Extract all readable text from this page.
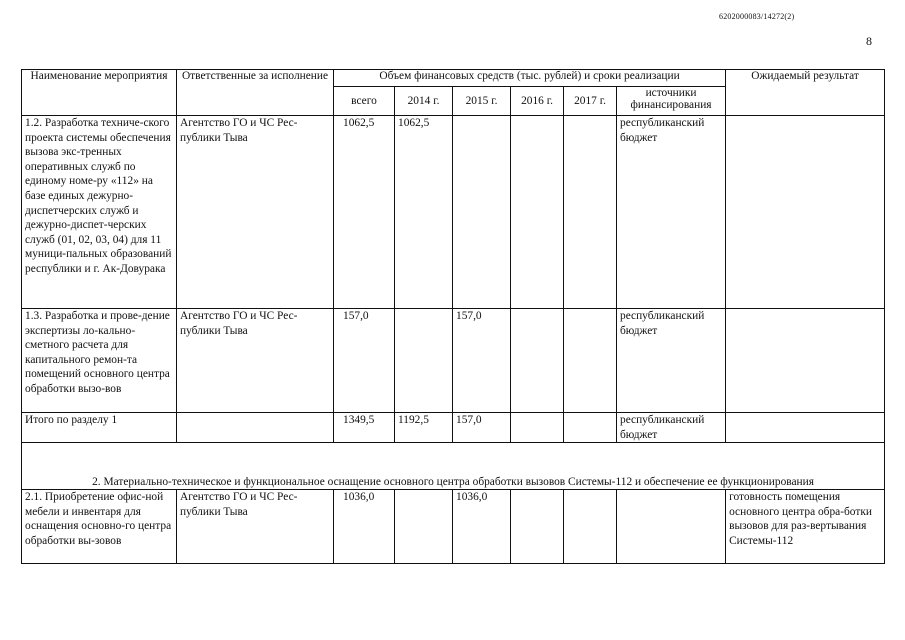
6202000083/14272(2)
8
Наименование мероприятия	Ответственные за исполнение	Объем финансовых средств (тыс. рублей) и сроки реализации						Ожидаемый результат
		всего	2014 г.	2015 г.	2016 г.	2017 г.	источники финансирования	
1.2. Разработка техниче-ского проекта системы обеспечения вызова экс-тренных оперативных служб по единому номе-ру «112» на базе единых дежурно-диспетчерских служб и дежурно-диспет-черских служб (01, 02, 03, 04) для 11 муници-пальных образований республики и г. Ак-Довурака	Агентство ГО и ЧС Рес-публики Тыва	1062,5	1062,5				республиканский бюджет	
1.3. Разработка и прове-дение экспертизы ло-кально-сметного расчета для капитального ремон-та помещений основного центра обработки вызо-вов	Агентство ГО и ЧС Рес-публики Тыва	157,0		157,0			республиканский бюджет	
Итого по разделу 1		1349,5	1192,5	157,0			республиканский бюджет	
2. Материально-техническое и функциональное оснащение основного центра обработки вызовов Системы-112 и обеспечение ее функционирования								
2.1. Приобретение офис-ной мебели и инвентаря для оснащения основно-го центра обработки вы-зовов	Агентство ГО и ЧС Рес-публики Тыва	1036,0		1036,0				готовность помещения основного центра обра-ботки вызовов для раз-вертывания Системы-112
